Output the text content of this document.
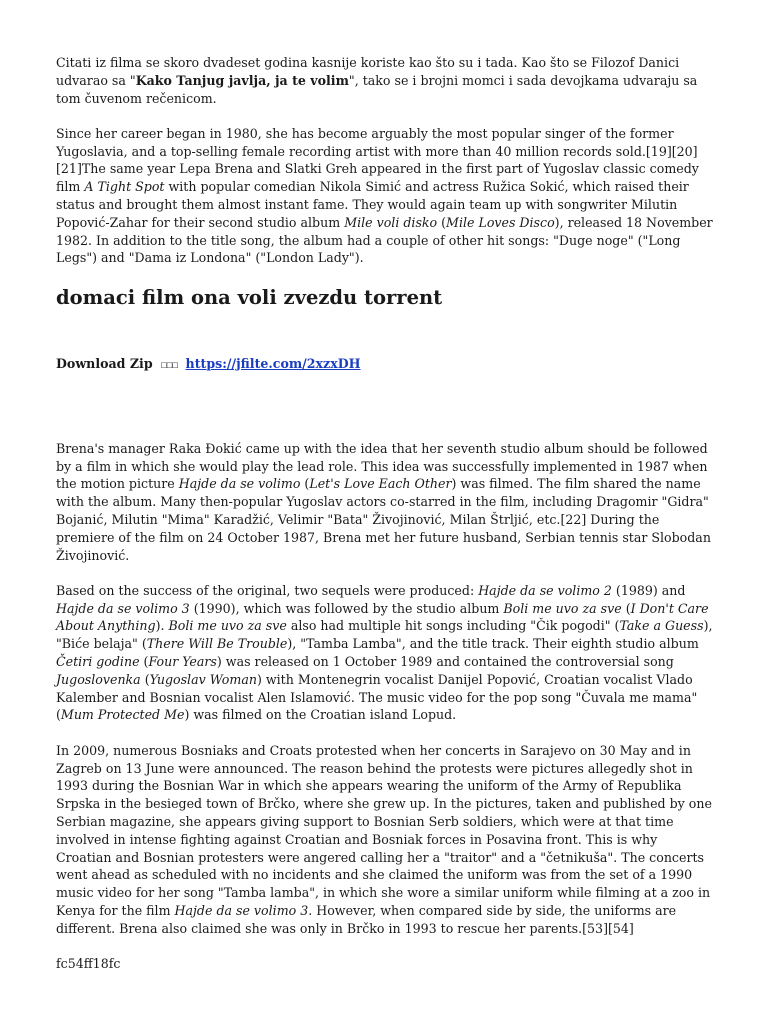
Citati iz filma se skoro dvadeset godina kasnije koriste kao što su i tada. Kao što se Filozof Danici udvarao sa "Kako Tanjug javlja, ja te volim", tako se i brojni momci i sada devojkama udvaraju sa tom čuvenom rečenicom.

Since her career began in 1980, she has become arguably the most popular singer of the former Yugoslavia, and a top-selling female recording artist with more than 40 million records sold.[19][20][21]The same year Lepa Brena and Slatki Greh appeared in the first part of Yugoslav classic comedy film A Tight Spot with popular comedian Nikola Simić and actress Ružica Sokić, which raised their status and brought them almost instant fame. They would again team up with songwriter Milutin Popović-Zahar for their second studio album Mile voli disko (Mile Loves Disco), released 18 November 1982. In addition to the title song, the album had a couple of other hit songs: "Duge noge" ("Long Legs") and "Dama iz Londona" ("London Lady").

domaci film ona voli zvezdu torrent
Download Zip ☐☐☐ https://jfilte.com/2xzxDH

Brena's manager Raka Đokić came up with the idea that her seventh studio album should be followed by a film in which she would play the lead role. This idea was successfully implemented in 1987 when the motion picture Hajde da se volimo (Let's Love Each Other) was filmed. The film shared the name with the album. Many then-popular Yugoslav actors co-starred in the film, including Dragomir "Gidra" Bojanić, Milutin "Mima" Karadžić, Velimir "Bata" Živojinović, Milan Štrljić, etc.[22] During the premiere of the film on 24 October 1987, Brena met her future husband, Serbian tennis star Slobodan Živojinović.

Based on the success of the original, two sequels were produced: Hajde da se volimo 2 (1989) and Hajde da se volimo 3 (1990), which was followed by the studio album Boli me uvo za sve (I Don't Care About Anything). Boli me uvo za sve also had multiple hit songs including "Čik pogodi" (Take a Guess), "Biće belaja" (There Will Be Trouble), "Tamba Lamba", and the title track. Their eighth studio album Četiri godine (Four Years) was released on 1 October 1989 and contained the controversial song Jugoslovenka (Yugoslav Woman) with Montenegrin vocalist Danijel Popović, Croatian vocalist Vlado Kalember and Bosnian vocalist Alen Islamović. The music video for the pop song "Čuvala me mama" (Mum Protected Me) was filmed on the Croatian island Lopud.

In 2009, numerous Bosniaks and Croats protested when her concerts in Sarajevo on 30 May and in Zagreb on 13 June were announced. The reason behind the protests were pictures allegedly shot in 1993 during the Bosnian War in which she appears wearing the uniform of the Army of Republika Srpska in the besieged town of Brčko, where she grew up. In the pictures, taken and published by one Serbian magazine, she appears giving support to Bosnian Serb soldiers, which were at that time involved in intense fighting against Croatian and Bosniak forces in Posavina front. This is why Croatian and Bosnian protesters were angered calling her a "traitor" and a "četnikuša". The concerts went ahead as scheduled with no incidents and she claimed the uniform was from the set of a 1990 music video for her song "Tamba lamba", in which she wore a similar uniform while filming at a zoo in Kenya for the film Hajde da se volimo 3. However, when compared side by side, the uniforms are different. Brena also claimed she was only in Brčko in 1993 to rescue her parents.[53][54]

fc54ff18fc
